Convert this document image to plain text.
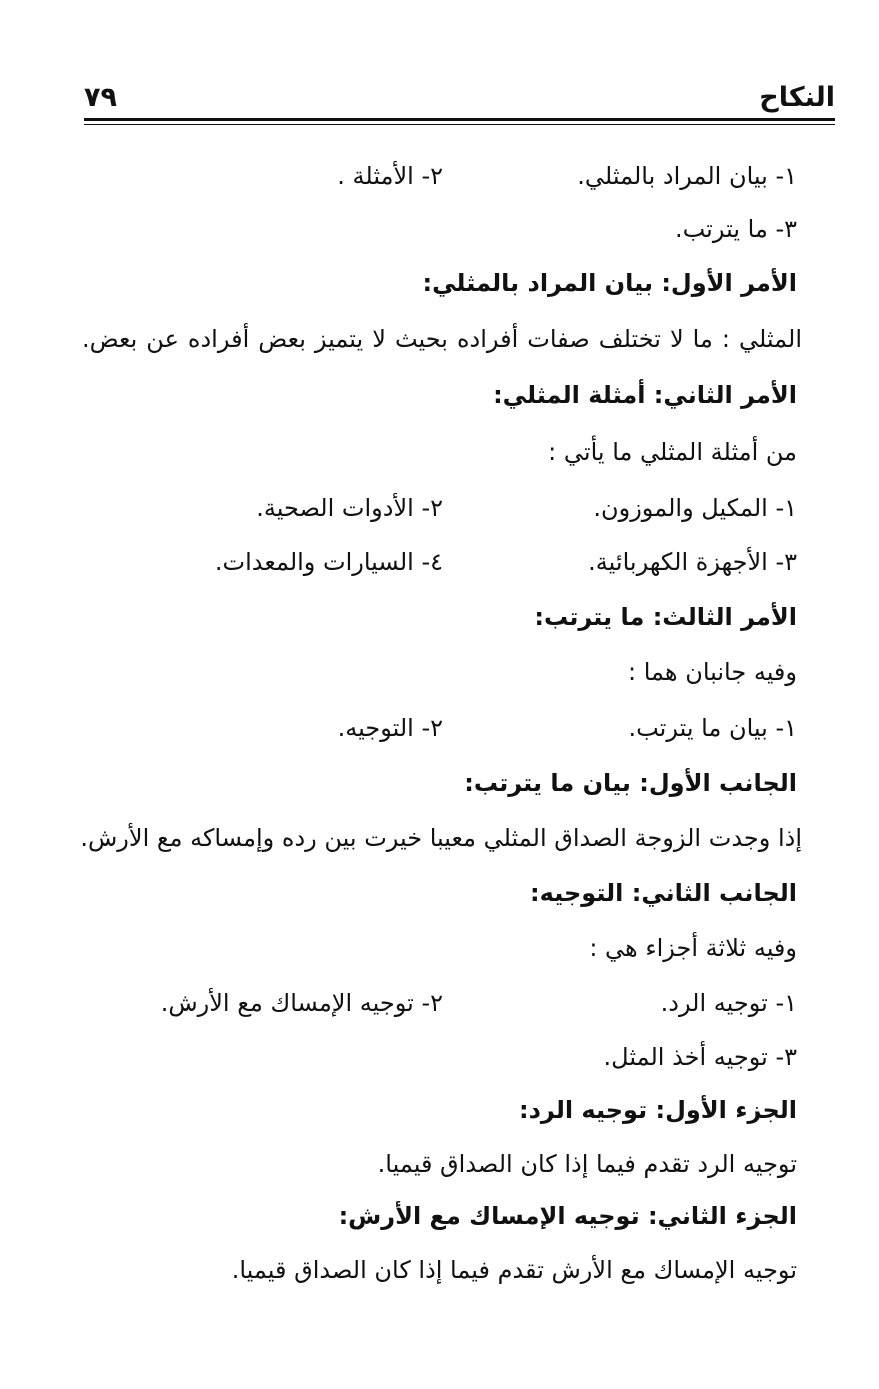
النكاح
٧٩
١- بيان المراد بالمثلي.
٢- الأمثلة .
٣- ما يترتب.
الأمر الأول: بيان المراد بالمثلي:
المثلي : ما لا تختلف صفات أفراده بحيث لا يتميز بعض أفراده عن بعض.
الأمر الثاني: أمثلة المثلي:
من أمثلة المثلي ما يأتي :
١- المكيل والموزون.
٢- الأدوات الصحية.
٣- الأجهزة الكهربائية.
٤- السيارات والمعدات.
الأمر الثالث: ما يترتب:
وفيه جانبان هما :
١- بيان ما يترتب.
٢- التوجيه.
الجانب الأول: بيان ما يترتب:
إذا وجدت الزوجة الصداق المثلي معيبا خيرت بين رده وإمساكه مع الأرش.
الجانب الثاني: التوجيه:
وفيه ثلاثة أجزاء هي :
١- توجيه الرد.
٢- توجيه الإمساك مع الأرش.
٣- توجيه أخذ المثل.
الجزء الأول: توجيه الرد:
توجيه الرد تقدم فيما إذا كان الصداق قيميا.
الجزء الثاني: توجيه الإمساك مع الأرش:
توجيه الإمساك مع الأرش تقدم فيما إذا كان الصداق قيميا.
